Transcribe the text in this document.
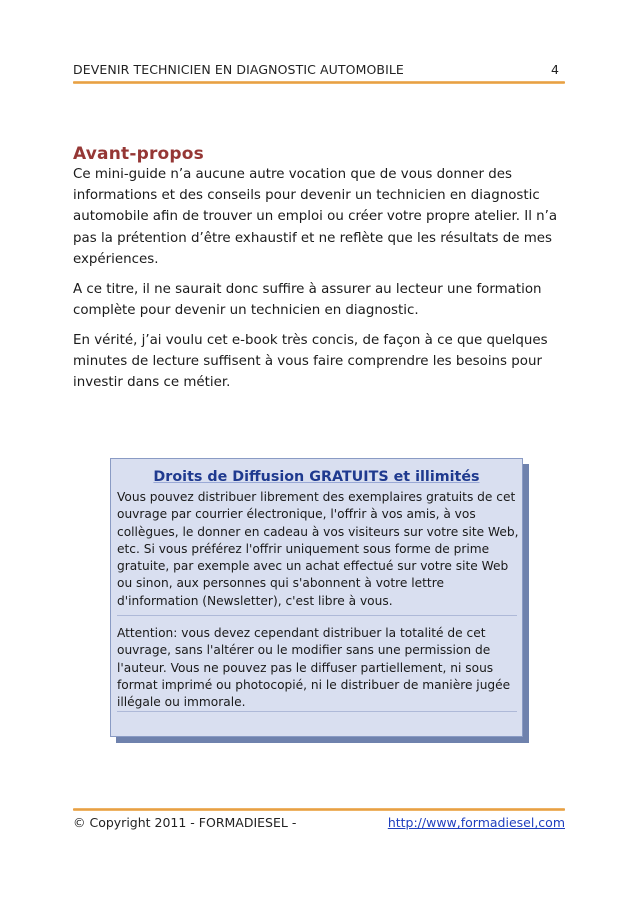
DEVENIR TECHNICIEN EN DIAGNOSTIC AUTOMOBILE	4
Avant-propos

Ce mini-guide n’a aucune autre vocation que de vous donner des informations et des conseils pour devenir un technicien en diagnostic automobile afin de trouver un emploi ou créer votre propre atelier. Il n’a pas la prétention d’être exhaustif et ne reflète que les résultats de mes expériences.

A ce titre, il ne saurait donc suffire à assurer au lecteur une formation complète pour devenir un technicien en diagnostic.

En vérité, j’ai voulu cet e-book très concis, de façon à ce que quelques minutes de lecture suffisent à vous faire comprendre les besoins pour investir dans ce métier.

Droits de Diffusion GRATUITS et illimités

Vous pouvez distribuer librement des exemplaires gratuits de cet ouvrage par courrier électronique, l'offrir à vos amis, à vos collègues, le donner en cadeau à vos visiteurs sur votre site Web, etc. Si vous préférez l'offrir uniquement sous forme de prime gratuite, par exemple avec un achat effectué sur votre site Web ou sinon, aux personnes qui s'abonnent à votre lettre d'information (Newsletter), c'est libre à vous.

Attention: vous devez cependant distribuer la totalité de cet ouvrage, sans l'altérer ou le modifier sans une permission de l'auteur. Vous ne pouvez pas le diffuser partiellement, ni sous format imprimé ou photocopié, ni le distribuer de manière jugée illégale ou immorale.

© Copyright 2011 - FORMADIESEL -	http://www,formadiesel,com
